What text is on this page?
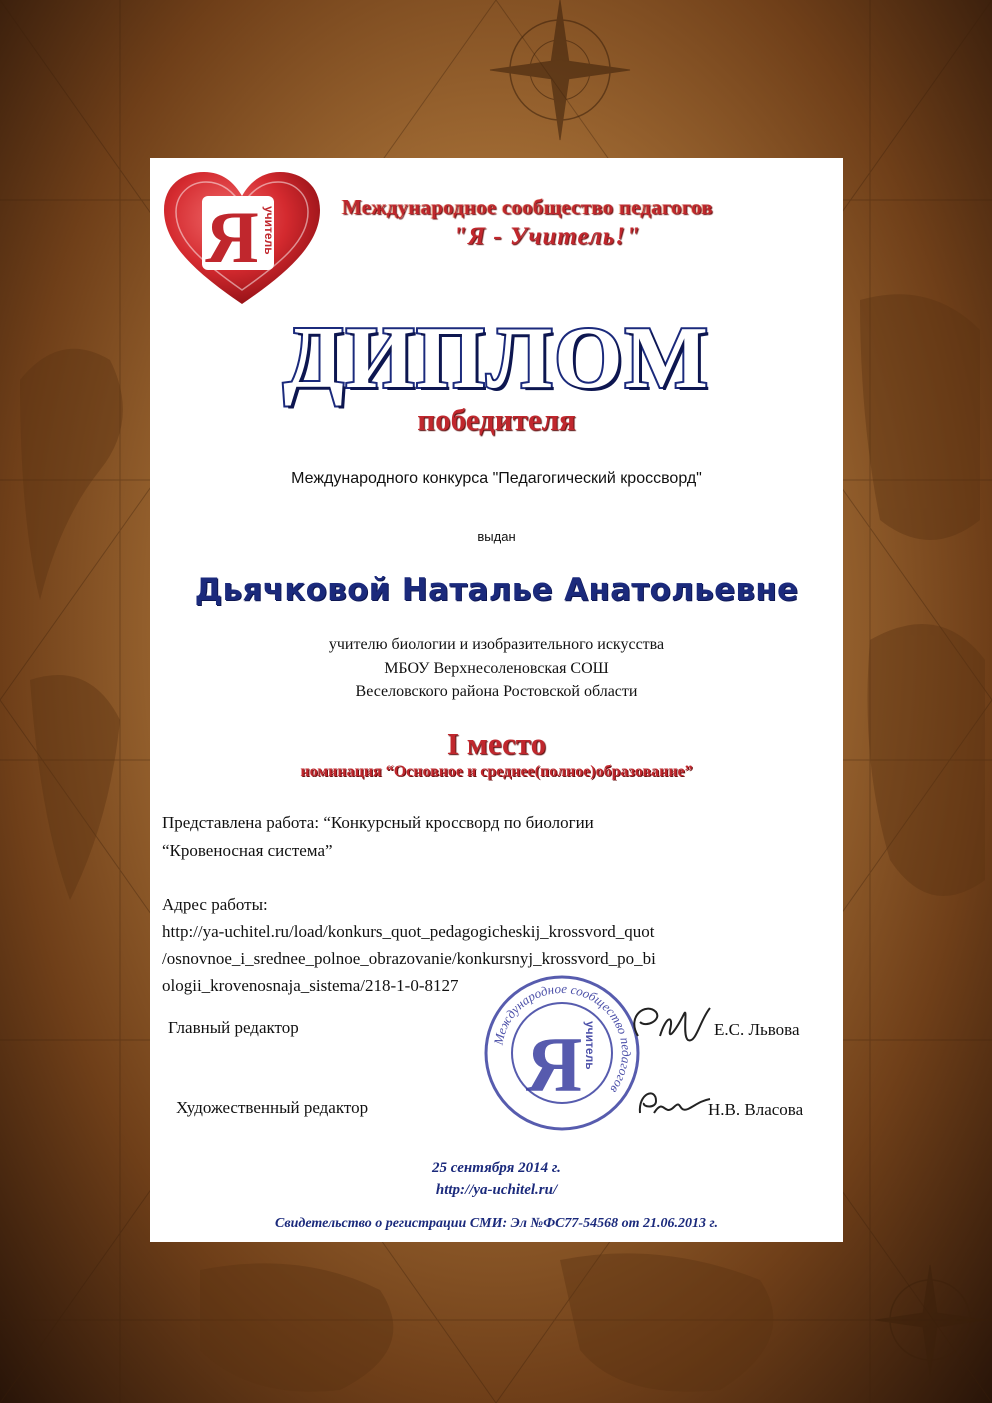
Я учитель	Международное сообщество педагогов
"Я - Учитель!"
ДИПЛОМ
победителя
Международного конкурса "Педагогический кроссворд"
выдан
Дьячковой Наталье Анатольевне
учителю биологии и изобразительного искусства
МБОУ Верхнесоленовская СОШ
Веселовского района Ростовской области
I место
номинация “Основное и среднее(полное)образование”
Представлена работа: “Конкурсный кроссворд по биологии
“Кровеносная система”
Адрес работы:
http://ya-uchitel.ru/load/konkurs_quot_pedagogicheskij_krossvord_quot
/osnovnoe_i_srednee_polnoe_obrazovanie/konkursnyj_krossvord_po_bi
ologii_krovenosnaja_sistema/218-1-0-8127
Международное сообщество педагогов
Я учитель
Главный редактор	Е.С. Львова
Художественный редактор	Н.В. Власова
25 сентября 2014 г.
http://ya-uchitel.ru/
Свидетельство о регистрации СМИ: Эл №ФС77-54568 от 21.06.2013 г.
